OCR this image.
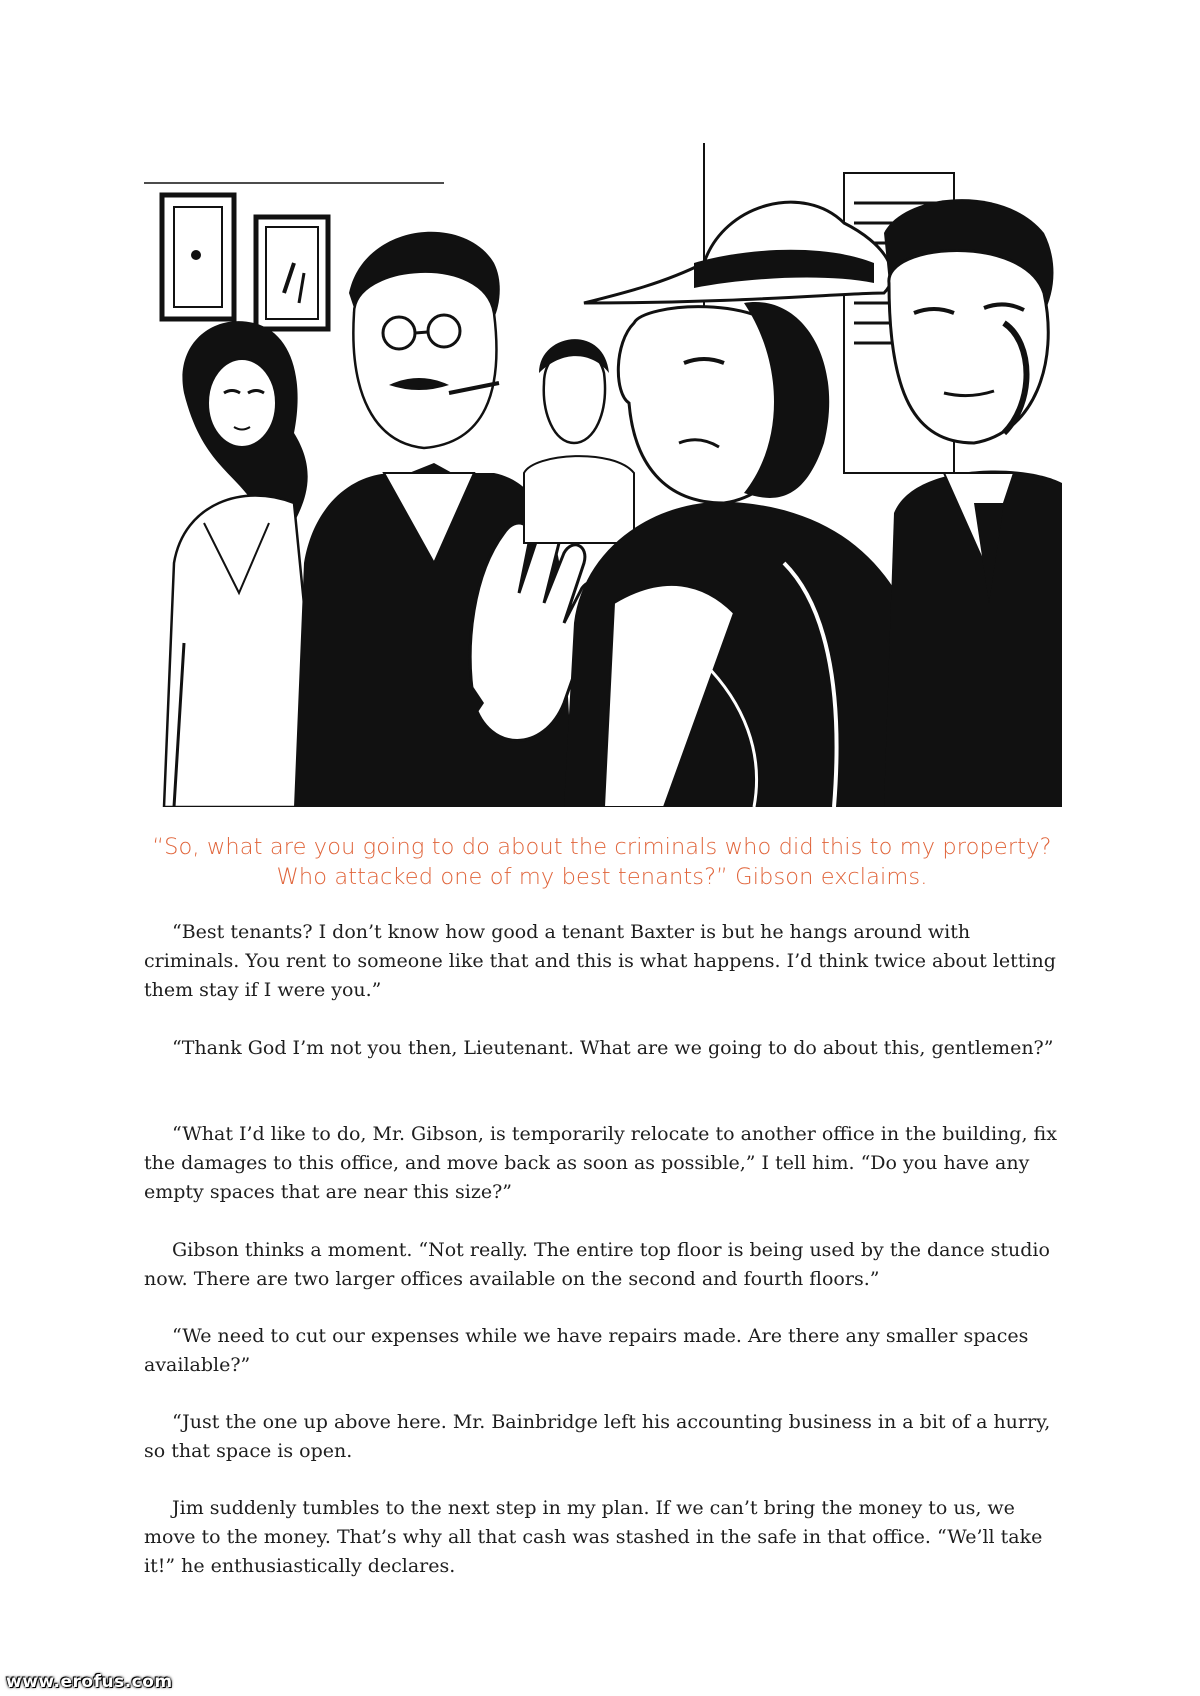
“So, what are you going to do about the criminals who did this to my property? Who attacked one of my best tenants?” Gibson exclaims.

“Best tenants? I don’t know how good a tenant Baxter is but he hangs around with criminals. You rent to someone like that and this is what happens. I’d think twice about letting them stay if I were you.”

“Thank God I’m not you then, Lieutenant. What are we going to do about this, gentlemen?”

“What I’d like to do, Mr. Gibson, is temporarily relocate to another office in the building, fix the damages to this office, and move back as soon as possible,” I tell him. “Do you have any empty spaces that are near this size?”

Gibson thinks a moment. “Not really. The entire top floor is being used by the dance studio now. There are two larger offices available on the second and fourth floors.”

“We need to cut our expenses while we have repairs made. Are there any smaller spaces available?”

“Just the one up above here. Mr. Bainbridge left his accounting business in a bit of a hurry, so that space is open.

Jim suddenly tumbles to the next step in my plan. If we can’t bring the money to us, we move to the money. That’s why all that cash was stashed in the safe in that office. “We’ll take it!” he enthusiastically declares.

www.erofus.com
